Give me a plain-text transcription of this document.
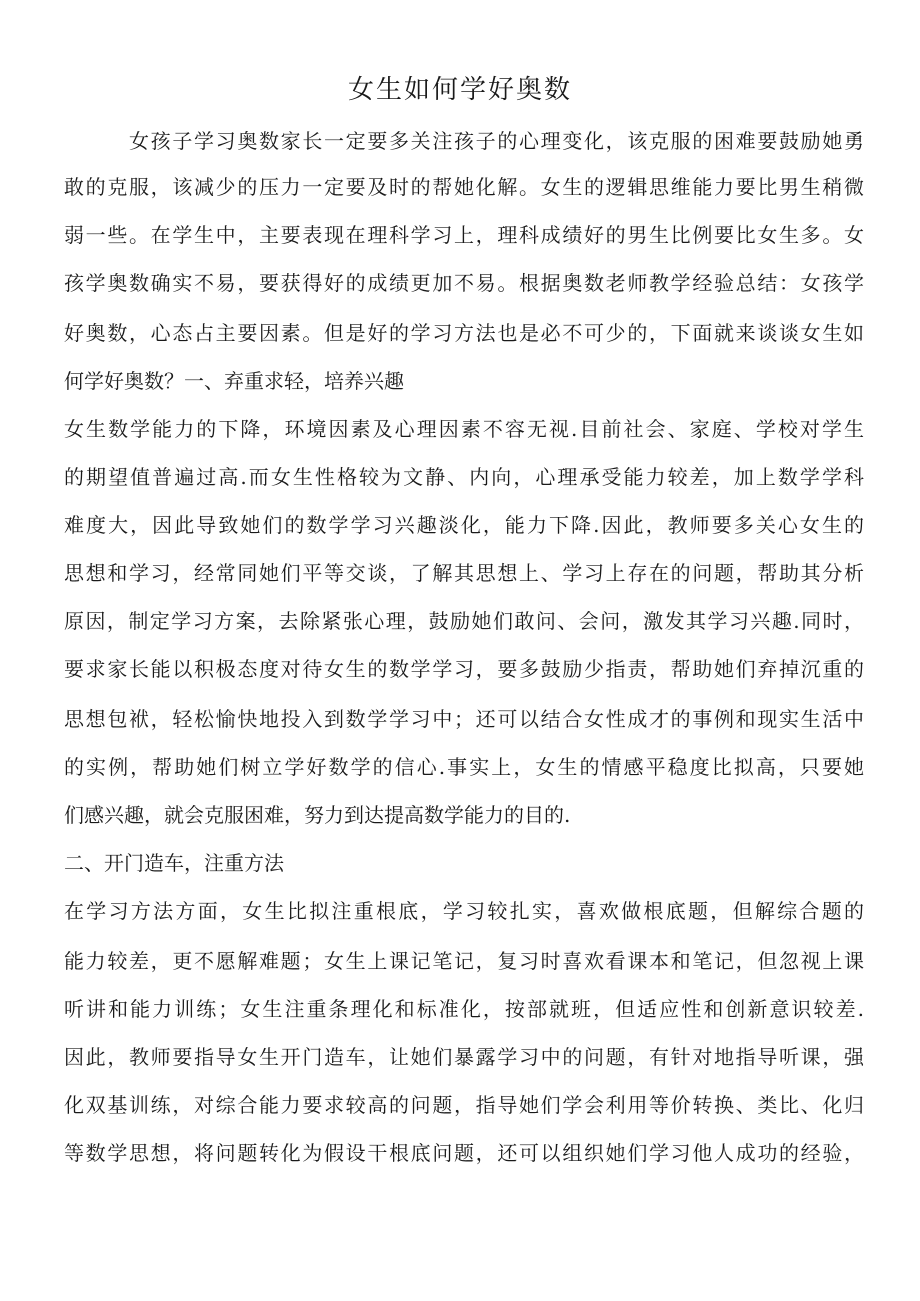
女生如何学好奥数
　　　女孩子学习奥数家长一定要多关注孩子的心理变化，该克服的困难要鼓励她勇
敢的克服，该减少的压力一定要及时的帮她化解。女生的逻辑思维能力要比男生稍微
弱一些。在学生中，主要表现在理科学习上，理科成绩好的男生比例要比女生多。女
孩学奥数确实不易，要获得好的成绩更加不易。根据奥数老师教学经验总结：女孩学
好奥数，心态占主要因素。但是好的学习方法也是必不可少的，下面就来谈谈女生如
何学好奥数？一、弃重求轻，培养兴趣
女生数学能力的下降，环境因素及心理因素不容无视.目前社会、家庭、学校对学生
的期望值普遍过高.而女生性格较为文静、内向，心理承受能力较差，加上数学学科
难度大，因此导致她们的数学学习兴趣淡化，能力下降.因此，教师要多关心女生的
思想和学习，经常同她们平等交谈，了解其思想上、学习上存在的问题，帮助其分析
原因，制定学习方案，去除紧张心理，鼓励她们敢问、会问，激发其学习兴趣.同时，
要求家长能以积极态度对待女生的数学学习，要多鼓励少指责，帮助她们弃掉沉重的
思想包袱，轻松愉快地投入到数学学习中；还可以结合女性成才的事例和现实生活中
的实例，帮助她们树立学好数学的信心.事实上，女生的情感平稳度比拟高，只要她
们感兴趣，就会克服困难，努力到达提高数学能力的目的.
二、开门造车，注重方法
在学习方法方面，女生比拟注重根底，学习较扎实，喜欢做根底题，但解综合题的
能力较差，更不愿解难题；女生上课记笔记，复习时喜欢看课本和笔记，但忽视上课
听讲和能力训练；女生注重条理化和标准化，按部就班，但适应性和创新意识较差.
因此，教师要指导女生开门造车，让她们暴露学习中的问题，有针对地指导听课，强
化双基训练，对综合能力要求较高的问题，指导她们学会利用等价转换、类比、化归
等数学思想，将问题转化为假设干根底问题，还可以组织她们学习他人成功的经验，
